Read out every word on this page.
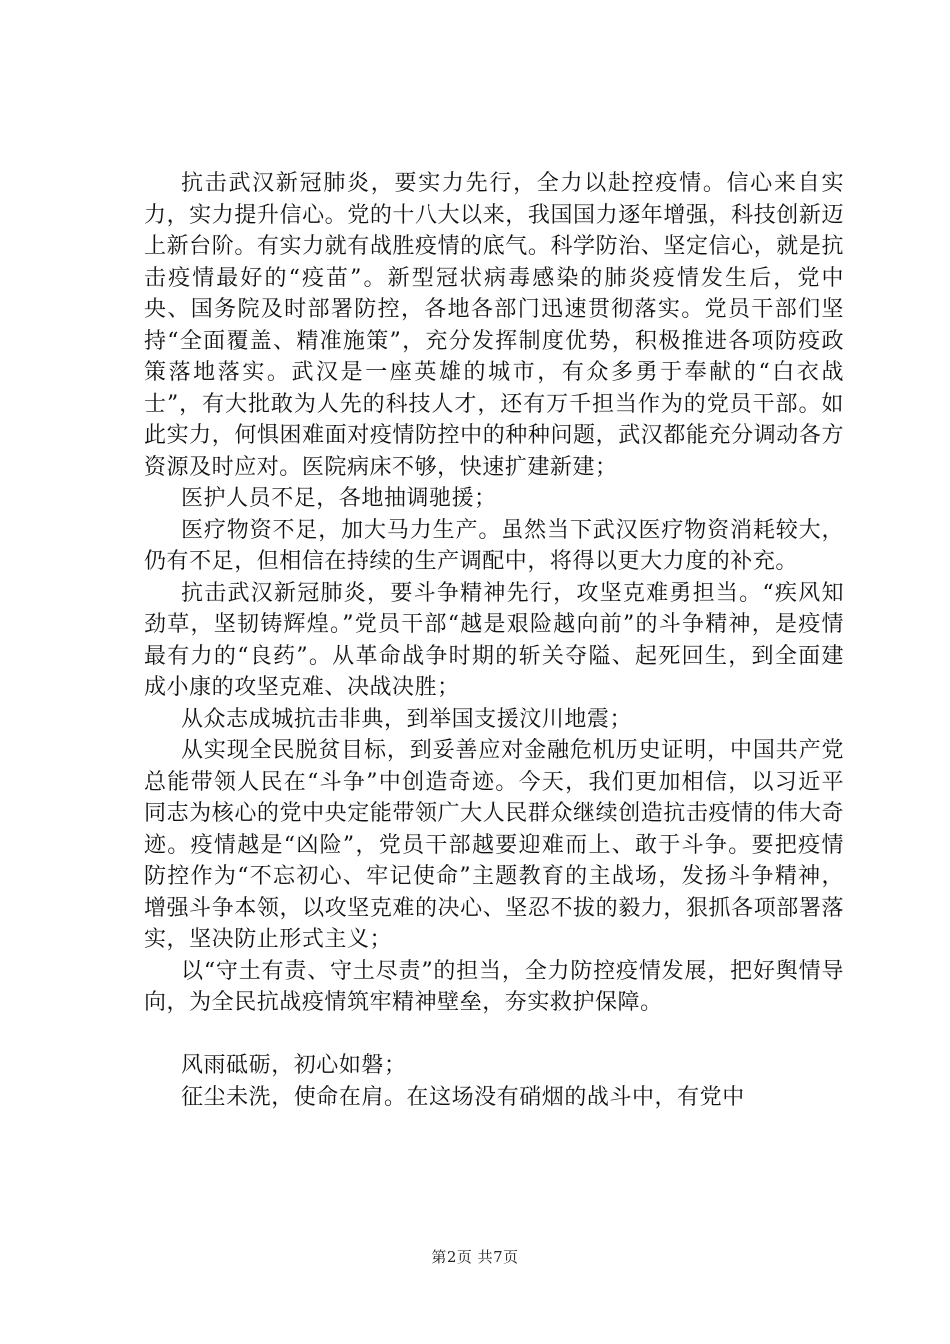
抗击武汉新冠肺炎，要实力先行，全力以赴控疫情。信心来自实力，实力提升信心。党的十八大以来，我国国力逐年增强，科技创新迈上新台阶。有实力就有战胜疫情的底气。科学防治、坚定信心，就是抗击疫情最好的“疫苗”。新型冠状病毒感染的肺炎疫情发生后，党中央、国务院及时部署防控，各地各部门迅速贯彻落实。党员干部们坚持“全面覆盖、精准施策”，充分发挥制度优势，积极推进各项防疫政策落地落实。武汉是一座英雄的城市，有众多勇于奉献的“白衣战士”，有大批敢为人先的科技人才，还有万千担当作为的党员干部。如此实力，何惧困难面对疫情防控中的种种问题，武汉都能充分调动各方资源及时应对。医院病床不够，快速扩建新建；

医护人员不足，各地抽调驰援；

医疗物资不足，加大马力生产。虽然当下武汉医疗物资消耗较大，仍有不足，但相信在持续的生产调配中，将得以更大力度的补充。

抗击武汉新冠肺炎，要斗争精神先行，攻坚克难勇担当。“疾风知劲草，坚韧铸辉煌。”党员干部“越是艰险越向前”的斗争精神，是疫情最有力的“良药”。从革命战争时期的斩关夺隘、起死回生，到全面建成小康的攻坚克难、决战决胜；

从众志成城抗击非典，到举国支援汶川地震；

从实现全民脱贫目标，到妥善应对金融危机历史证明，中国共产党总能带领人民在“斗争”中创造奇迹。今天，我们更加相信，以习近平同志为核心的党中央定能带领广大人民群众继续创造抗击疫情的伟大奇迹。疫情越是“凶险”，党员干部越要迎难而上、敢于斗争。要把疫情防控作为“不忘初心、牢记使命”主题教育的主战场，发扬斗争精神，增强斗争本领，以攻坚克难的决心、坚忍不拔的毅力，狠抓各项部署落实，坚决防止形式主义；

以“守土有责、守土尽责”的担当，全力防控疫情发展，把好舆情导向，为全民抗战疫情筑牢精神壁垒，夯实救护保障。

风雨砥砺，初心如磐；

征尘未洗，使命在肩。在这场没有硝烟的战斗中，有党中

第2页 共7页
